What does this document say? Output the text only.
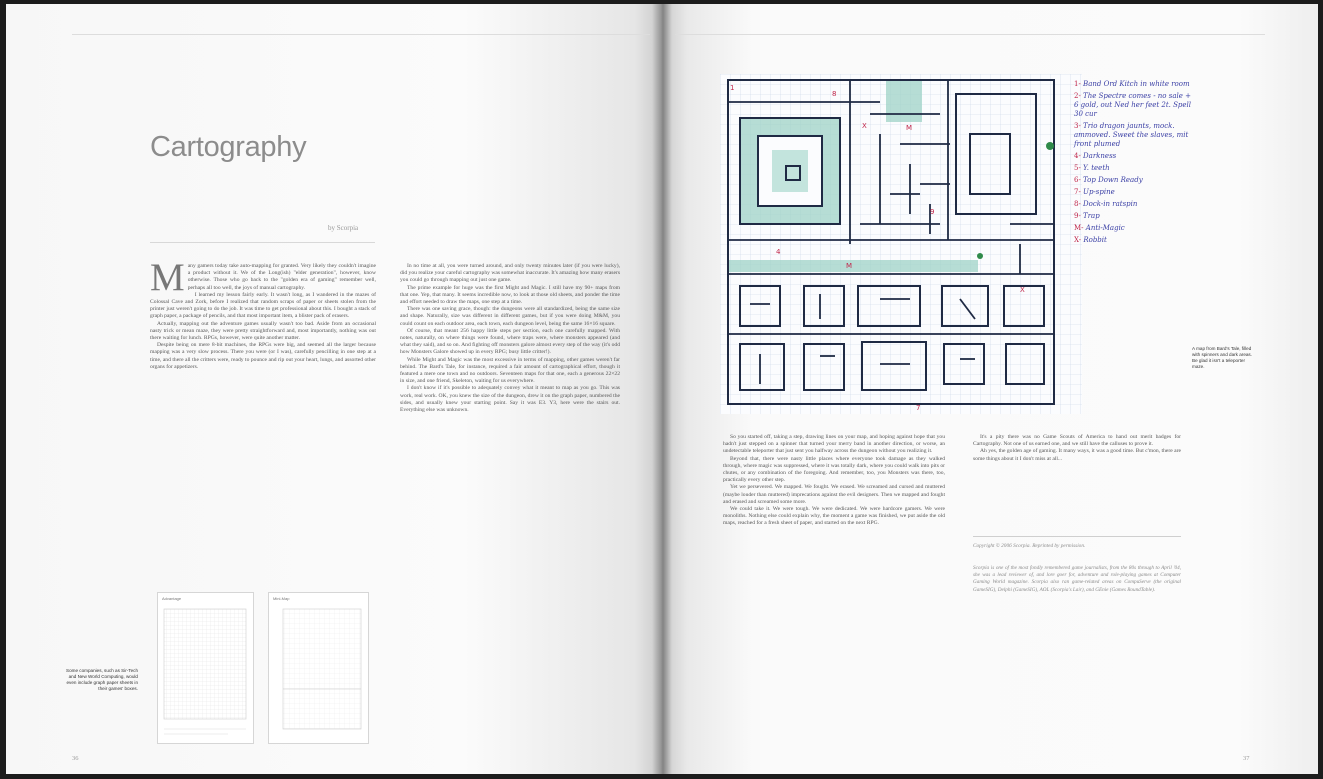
Cartography
by Scorpia

Many gamers today take auto-mapping for granted. Very likely they couldn't imagine a product without it. We of the Long(ish) "elder generation", however, know otherwise. Those who go back to the "golden era of gaming" remember well, perhaps all too well, the joys of manual cartography.

I learned my lesson fairly early. It wasn't long, as I wandered in the mazes of Colossal Cave and Zork, before I realized that random scraps of paper or sheets stolen from the printer just weren't going to do the job. It was time to get professional about this. I bought a stack of graph paper, a package of pencils, and that most important item, a blister pack of erasers.

Actually, mapping out the adventure games usually wasn't too bad. Aside from an occasional nasty trick or mean maze, they were pretty straightforward and, most importantly, nothing was out there waiting for lunch. RPGs, however, were quite another matter.

Despite being on mere 8-bit machines, the RPGs were big, and seemed all the larger because mapping was a very slow process. There you were (or I was), carefully pencilling in one step at a time, and there all the critters were, ready to pounce and rip out your heart, lungs, and assorted other organs for appetizers.

In no time at all, you were turned around, and only twenty minutes later (if you were lucky), did you realize your careful cartography was somewhat inaccurate. It's amazing how many erasers you could go through mapping out just one game.

The prime example for huge was the first Might and Magic. I still have my 90+ maps from that one. Yep, that many. It seems incredible now, to look at those old sheets, and ponder the time and effort needed to draw the maps, one step at a time.

There was one saving grace, though: the dungeons were all standardized, being the same size and shape. Naturally, size was different in different games, but if you were doing M&M, you could count on each outdoor area, each town, each dungeon level, being the same 16×16 square.

Of course, that meant 256 happy little steps per section, each one carefully mapped. With notes, naturally, on where things were found, where traps were, where monsters appeared (and what they said), and so on. And fighting off monsters galore almost every step of the way (it's odd how Monsters Galore showed up in every RPG; busy little critter!).

While Might and Magic was the most excessive in terms of mapping, other games weren't far behind. The Bard's Tale, for instance, required a fair amount of cartographical effort, though it featured a mere one town and no outdoors. Seventeen maps for that one, each a generous 22×22 in size, and one friend, Skeleton, waiting for us everywhere.

I don't know if it's possible to adequately convey what it meant to map as you go. This was work, real work. OK, you knew the size of the dungeon, drew it on the graph paper, numbered the sides, and usually knew your starting point. Say it was E3. Y3, here were the stairs out. Everything else was unknown.

Advantage	Mini-Map
Some companies, such as Sir-Tech and New World Computing, would even include graph paper sheets in their games' boxes.
36	37
1
X	M
9
8
4
M
X
7
1- Band Ord Kitch in white room
2- The Spectre comes - no sale + 6 gold, out Ned her feet 2t. Spell 30 cur
3- Trio dragon jaunts, mock. ammoved. Sweet the slaves, mit front plumed
4- Darkness
5- Y. teeth
6- Top Down Ready
7- Up-spine
8- Dock-in ratspin
9- Trap
M- Anti-Magic
X- Robbit
A map from Bard's Tale, filled with spinners and dark areas. Be glad it isn't a teleporter maze.

So you started off, taking a step, drawing lines on your map, and hoping against hope that you hadn't just stepped on a spinner that turned your merry band in another direction, or worse, an undetectable teleporter that just sent you halfway across the dungeon without you realizing it.

Beyond that, there were nasty little places where everyone took damage as they walked through, where magic was suppressed, where it was totally dark, where you could walk into pits or chutes, or any combination of the foregoing. And remember, too, you Monsters was there, too, practically every other step.

Yet we persevered. We mapped. We fought. We erased. We screamed and cursed and muttered (maybe louder than muttered) imprecations against the evil designers. Then we mapped and fought and erased and screamed some more.

We could take it. We were tough. We were dedicated. We were hardcore gamers. We were monoliths. Nothing else could explain why, the moment a game was finished, we put aside the old maps, reached for a fresh sheet of paper, and started on the next RPG.

It's a pity there was no Game Scouts of America to hand out merit badges for Cartography. Not one of us earned one, and we still have the calluses to prove it.

Ah yes, the golden age of gaming. It many ways, it was a good time. But c'mon, there are some things about it I don't miss at all...

Copyright © 2006 Scorpia. Reprinted by permission.
Scorpia is one of the most fondly remembered game journalists, from the 80s through to April '04, she was a lead reviewer of, and lore goer for, adventure and role-playing games at Computer Gaming World magazine. Scorpia also ran game-related areas on CompuServe (the original GameSIG), Delphi (GameSIG), AOL (Scorpia's Lair), and GEnie (Games RoundTable).
